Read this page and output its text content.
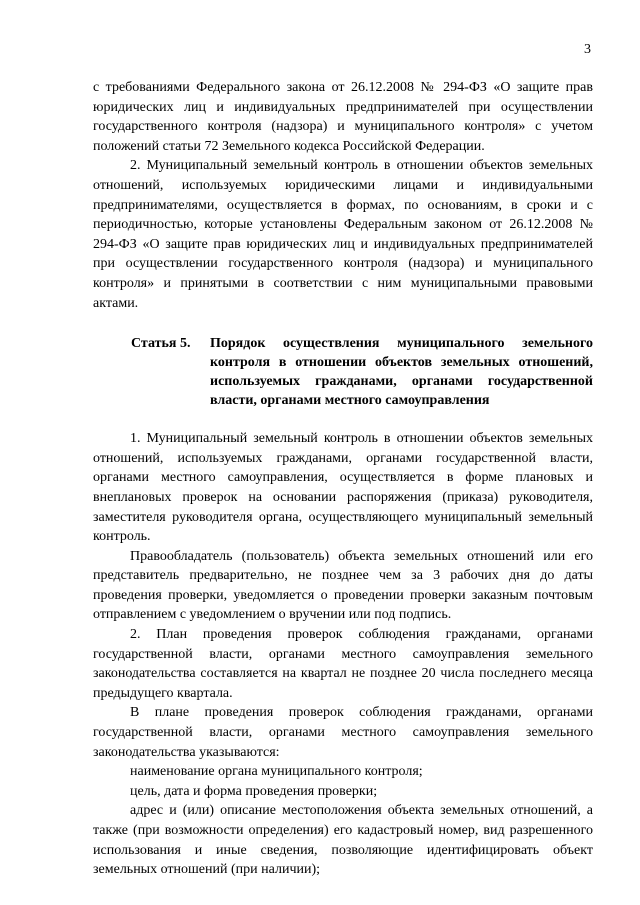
3

с требованиями Федерального закона от 26.12.2008 № 294-ФЗ «О защите прав юридических лиц и индивидуальных предпринимателей при осуществлении государственного контроля (надзора) и муниципального контроля» с учетом положений статьи 72 Земельного кодекса Российской Федерации.

2. Муниципальный земельный контроль в отношении объектов земельных отношений, используемых юридическими лицами и индивидуальными предпринимателями, осуществляется в формах, по основаниям, в сроки и с периодичностью, которые установлены Федеральным законом от 26.12.2008 № 294-ФЗ «О защите прав юридических лиц и индивидуальных предпринимателей при осуществлении государственного контроля (надзора) и муниципального контроля» и принятыми в соответствии с ним муниципальными правовыми актами.

Статья 5.	Порядок осуществления муниципального земельного контроля в отношении объектов земельных отношений, используемых гражданами, органами государственной власти, органами местного самоуправления

1. Муниципальный земельный контроль в отношении объектов земельных отношений, используемых гражданами, органами государственной власти, органами местного самоуправления, осуществляется в форме плановых и внеплановых проверок на основании распоряжения (приказа) руководителя, заместителя руководителя органа, осуществляющего муниципальный земельный контроль.

Правообладатель (пользователь) объекта земельных отношений или его представитель предварительно, не позднее чем за 3 рабочих дня до даты проведения проверки, уведомляется о проведении проверки заказным почтовым отправлением с уведомлением о вручении или под подпись.

2. План проведения проверок соблюдения гражданами, органами государственной власти, органами местного самоуправления земельного законодательства составляется на квартал не позднее 20 числа последнего месяца предыдущего квартала.

В плане проведения проверок соблюдения гражданами, органами государственной власти, органами местного самоуправления земельного законодательства указываются:

наименование органа муниципального контроля;

цель, дата и форма проведения проверки;

адрес и (или) описание местоположения объекта земельных отношений, а также (при возможности определения) его кадастровый номер, вид разрешенного использования и иные сведения, позволяющие идентифицировать объект земельных отношений (при наличии);
